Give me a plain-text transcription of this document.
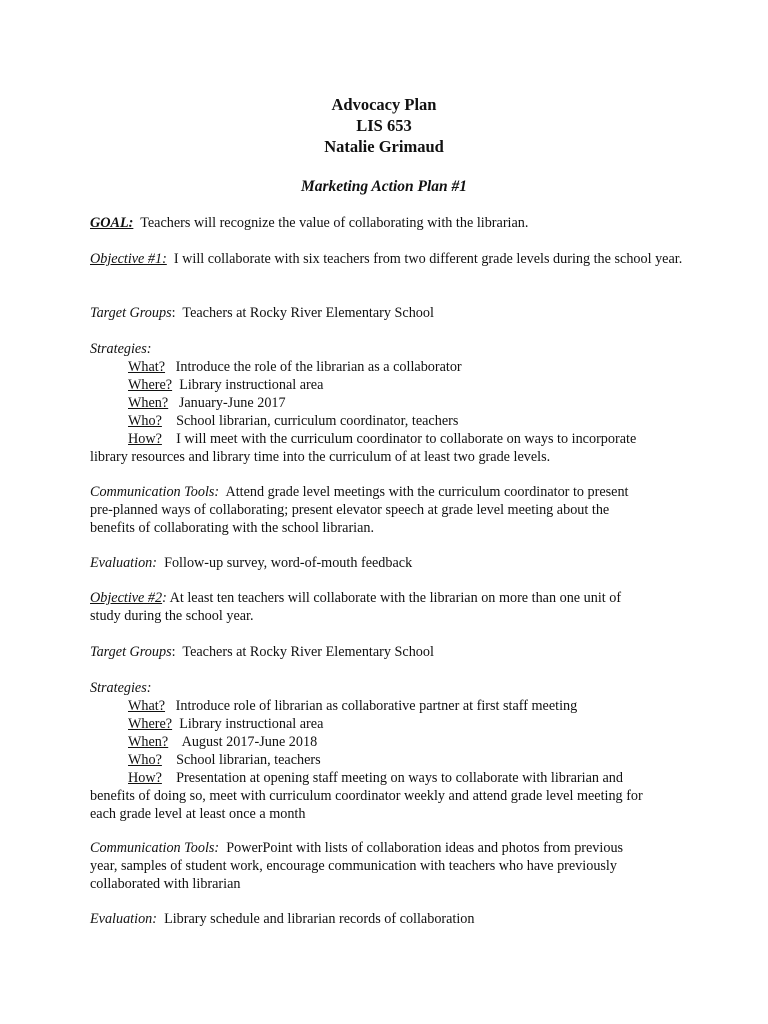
Advocacy Plan
LIS 653
Natalie Grimaud
Marketing Action Plan #1
GOAL: Teachers will recognize the value of collaborating with the librarian.
Objective #1: I will collaborate with six teachers from two different grade levels during the school year.
Target Groups:  Teachers at Rocky River Elementary School
Strategies:
What? Introduce the role of the librarian as a collaborator
Where? Library instructional area
When? January-June 2017
Who? School librarian, curriculum coordinator, teachers
How? I will meet with the curriculum coordinator to collaborate on ways to incorporate
library resources and library time into the curriculum of at least two grade levels.
Communication Tools: Attend grade level meetings with the curriculum coordinator to present
pre-planned ways of collaborating; present elevator speech at grade level meeting about the
benefits of collaborating with the school librarian.
Evaluation: Follow-up survey, word-of-mouth feedback
Objective #2: At least ten teachers will collaborate with the librarian on more than one unit of
study during the school year.
Target Groups:  Teachers at Rocky River Elementary School
Strategies:
What? Introduce role of librarian as collaborative partner at first staff meeting
Where? Library instructional area
When? August 2017-June 2018
Who? School librarian, teachers
How? Presentation at opening staff meeting on ways to collaborate with librarian and
benefits of doing so, meet with curriculum coordinator weekly and attend grade level meeting for
each grade level at least once a month
Communication Tools: PowerPoint with lists of collaboration ideas and photos from previous
year, samples of student work, encourage communication with teachers who have previously
collaborated with librarian
Evaluation: Library schedule and librarian records of collaboration
